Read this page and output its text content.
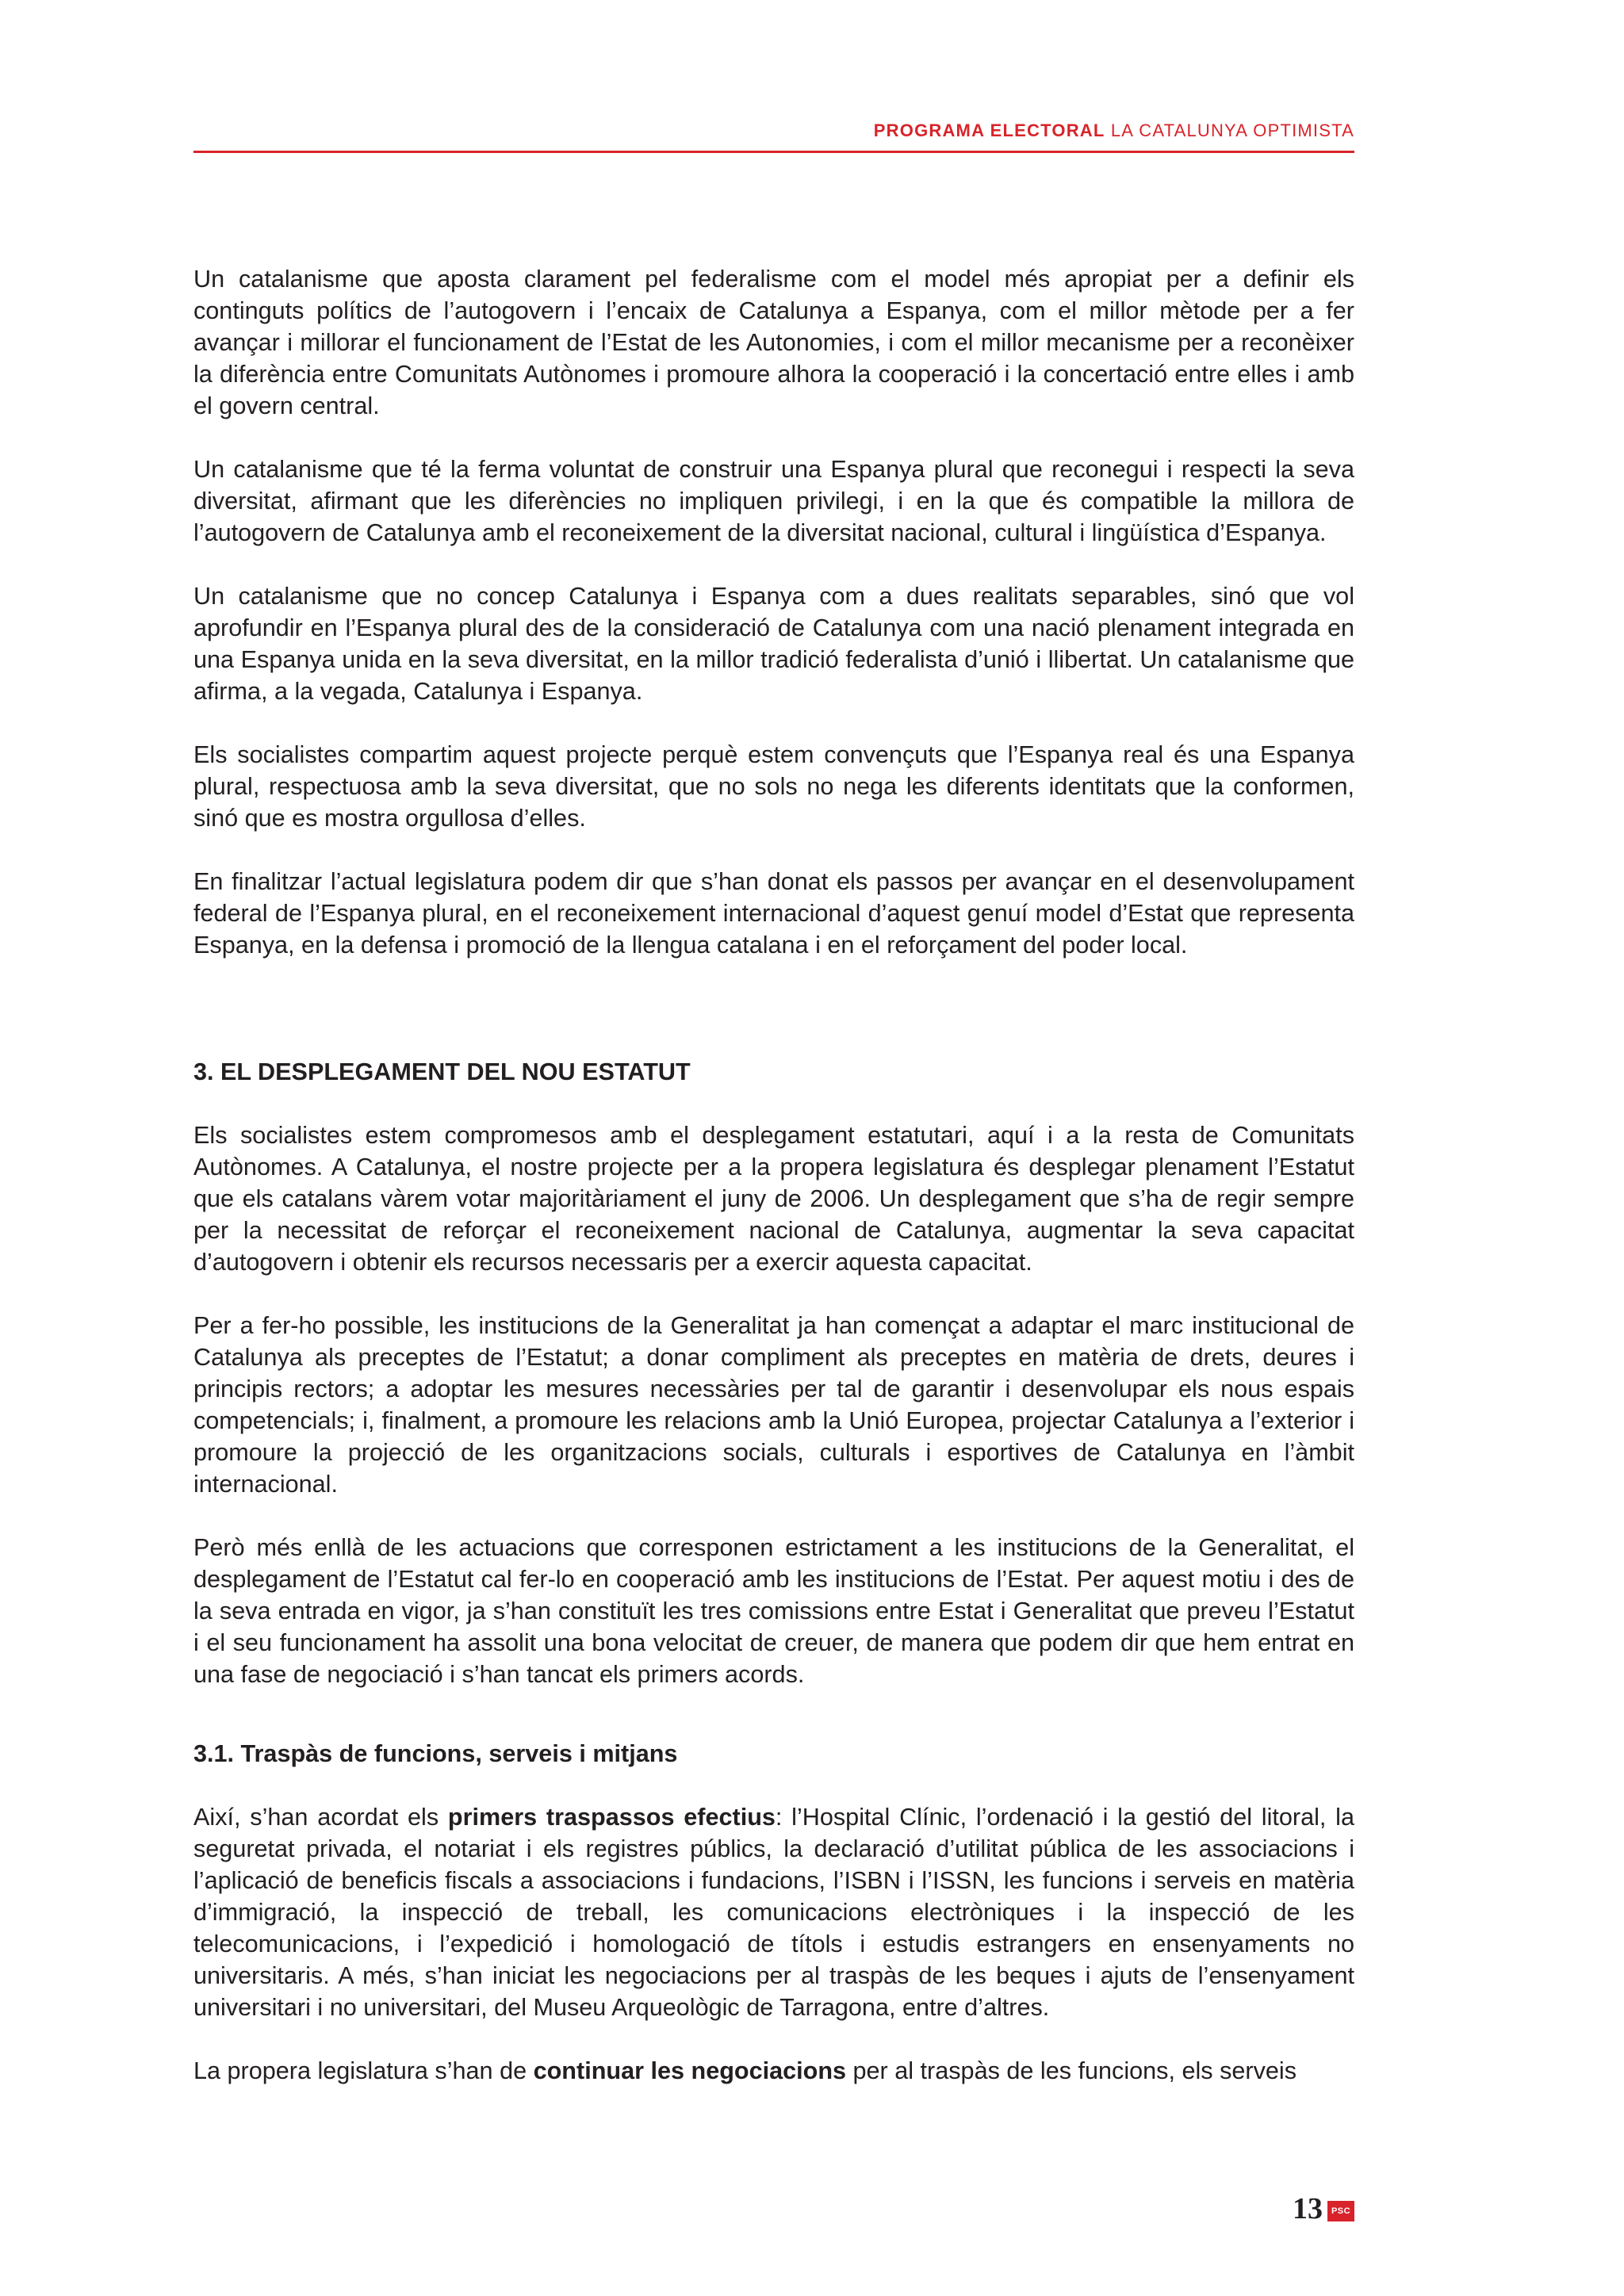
PROGRAMA ELECTORAL LA CATALUNYA OPTIMISTA

Un catalanisme que aposta clarament pel federalisme com el model més apropiat per a definir els continguts polítics de l’autogovern i l’encaix de Catalunya a Espanya, com el millor mètode per a fer avançar i millorar el funcionament de l’Estat de les Autonomies, i com el millor mecanisme per a reconèixer la diferència entre Comunitats Autònomes i promoure alhora la cooperació i la concertació entre elles i amb el govern central.

Un catalanisme que té la ferma voluntat de construir una Espanya plural que reconegui i respecti la seva diversitat, afirmant que les diferències no impliquen privilegi, i en la que és compatible la millora de l’autogovern de Catalunya amb el reconeixement de la diversitat nacional, cultural i lingüística d’Espanya.

Un catalanisme que no concep Catalunya i Espanya com a dues realitats separables, sinó que vol aprofundir en l’Espanya plural des de la consideració de Catalunya com una nació plenament integrada en una Espanya unida en la seva diversitat, en la millor tradició federalista d’unió i llibertat. Un catalanisme que afirma, a la vegada, Catalunya i Espanya.

Els socialistes compartim aquest projecte perquè estem convençuts que l’Espanya real és una Espanya plural, respectuosa amb la seva diversitat, que no sols no nega les diferents identitats que la conformen, sinó que es mostra orgullosa d’elles.

En finalitzar l’actual legislatura podem dir que s’han donat els passos per avançar en el desenvolupament federal de l’Espanya plural, en el reconeixement internacional d’aquest genuí model d’Estat que representa Espanya, en la defensa i promoció de la llengua catalana i en el reforçament del poder local.

3. EL DESPLEGAMENT DEL NOU ESTATUT

Els socialistes estem compromesos amb el desplegament estatutari, aquí i a la resta de Comunitats Autònomes. A Catalunya, el nostre projecte per a la propera legislatura és desplegar plenament l’Estatut que els catalans vàrem votar majoritàriament el juny de 2006. Un desplegament que s’ha de regir sempre per la necessitat de reforçar el reconeixement nacional de Catalunya, augmentar la seva capacitat d’autogovern i obtenir els recursos necessaris per a exercir aquesta capacitat.

Per a fer-ho possible, les institucions de la Generalitat ja han començat a adaptar el marc institucional de Catalunya als preceptes de l’Estatut; a donar compliment als preceptes en matèria de drets, deures i principis rectors; a adoptar les mesures necessàries per tal de garantir i desenvolupar els nous espais competencials; i, finalment, a promoure les relacions amb la Unió Europea, projectar Catalunya a l’exterior i promoure la projecció de les organitzacions socials, culturals i esportives de Catalunya en l’àmbit internacional.

Però més enllà de les actuacions que corresponen estrictament a les institucions de la Generalitat, el desplegament de l’Estatut cal fer-lo en cooperació amb les institucions de l’Estat. Per aquest motiu i des de la seva entrada en vigor, ja s’han constituït les tres comissions entre Estat i Generalitat que preveu l’Estatut i el seu funcionament ha assolit una bona velocitat de creuer, de manera que podem dir que hem entrat en una fase de negociació i s’han tancat els primers acords.

3.1. Traspàs de funcions, serveis i mitjans

Així, s’han acordat els primers traspassos efectius: l’Hospital Clínic, l’ordenació i la gestió del litoral, la seguretat privada, el notariat i els registres públics, la declaració d’utilitat pública de les associacions i l’aplicació de beneficis fiscals a associacions i fundacions, l’ISBN i l’ISSN, les funcions i serveis en matèria d’immigració, la inspecció de treball, les comunicacions electròniques i la inspecció de les telecomunicacions, i l’expedició i homologació de títols i estudis estrangers en ensenyaments no universitaris. A més, s’han iniciat les negociacions per al traspàs de les beques i ajuts de l’ensenyament universitari i no universitari, del Museu Arqueològic de Tarragona, entre d’altres.

La propera legislatura s’han de continuar les negociacions per al traspàs de les funcions, els serveis

13 PSC
